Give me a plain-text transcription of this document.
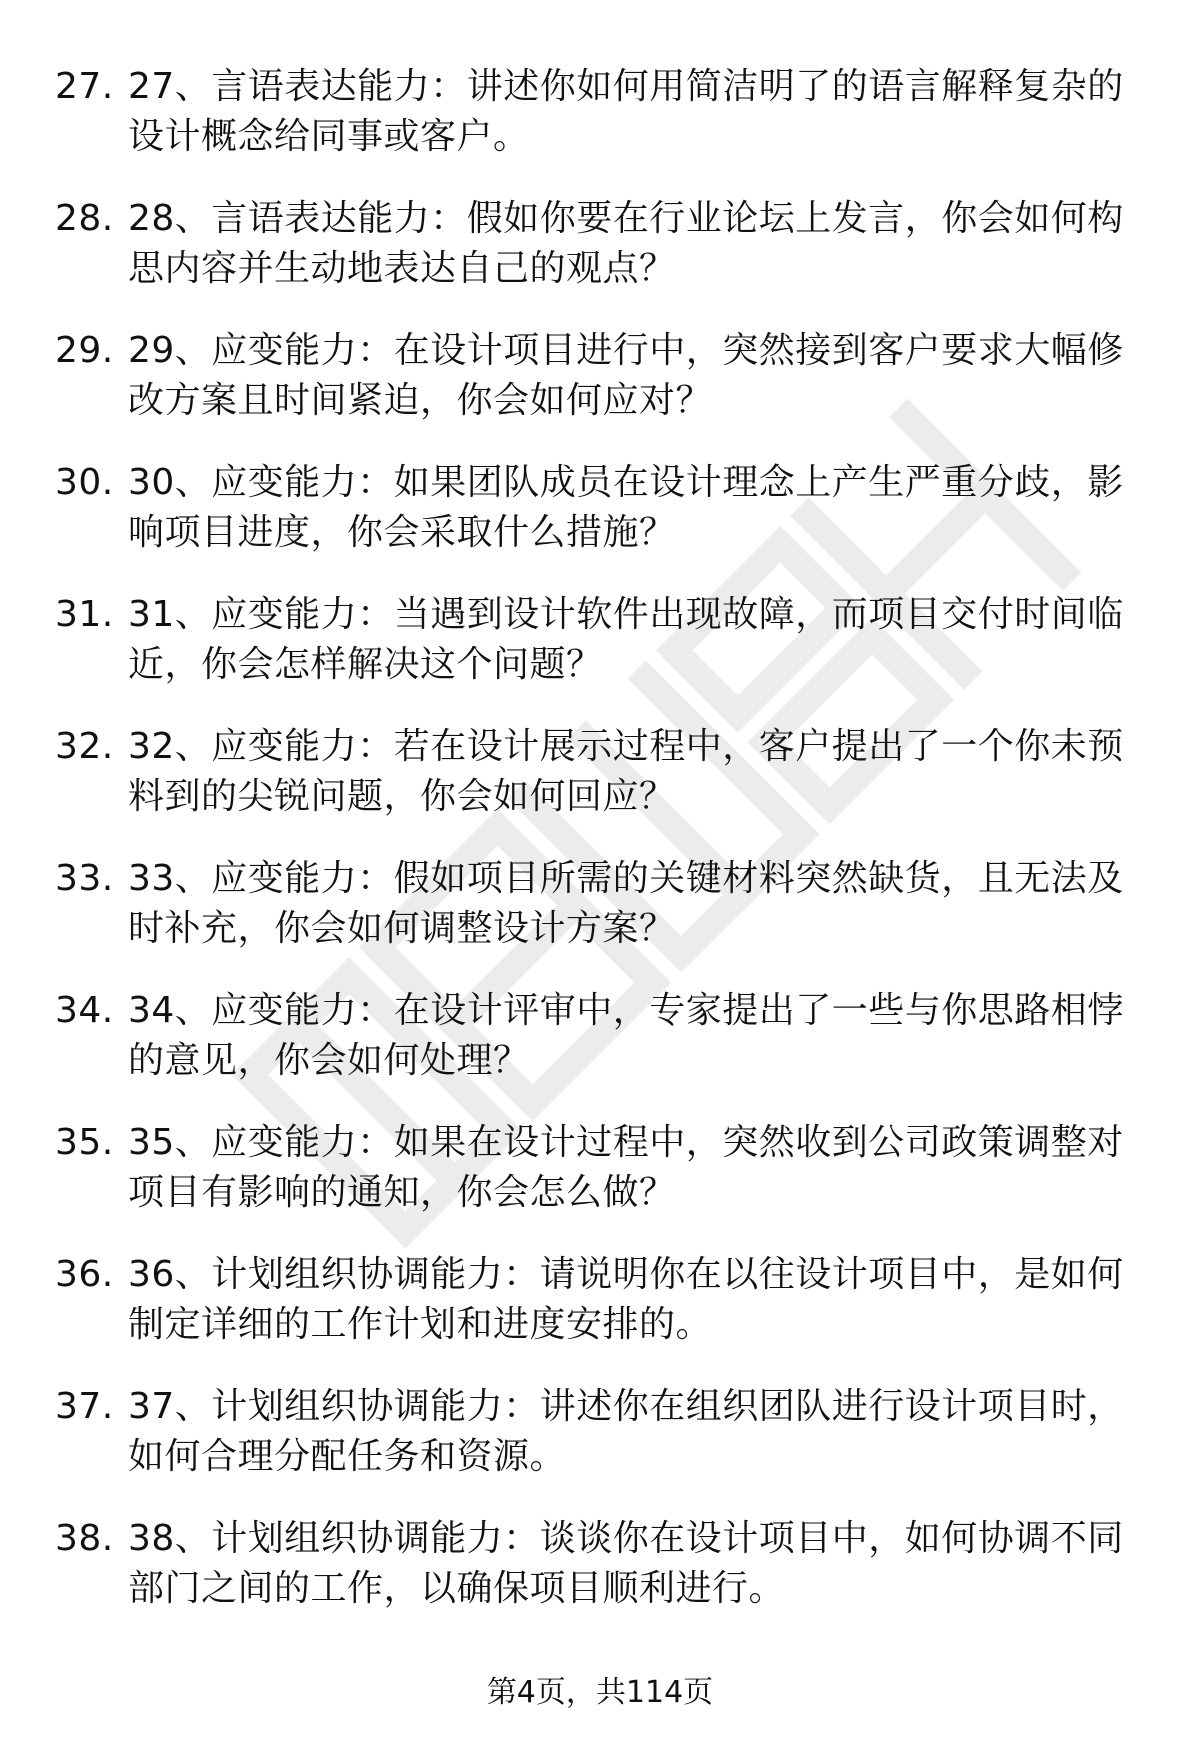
27. 27、言语表达能力：讲述你如何用简洁明了的语言解释复杂的设计概念给同事或客户。
28. 28、言语表达能力：假如你要在行业论坛上发言，你会如何构思内容并生动地表达自己的观点？
29. 29、应变能力：在设计项目进行中，突然接到客户要求大幅修改方案且时间紧迫，你会如何应对？
30. 30、应变能力：如果团队成员在设计理念上产生严重分歧，影响项目进度，你会采取什么措施？
31. 31、应变能力：当遇到设计软件出现故障，而项目交付时间临近，你会怎样解决这个问题？
32. 32、应变能力：若在设计展示过程中，客户提出了一个你未预料到的尖锐问题，你会如何回应？
33. 33、应变能力：假如项目所需的关键材料突然缺货，且无法及时补充，你会如何调整设计方案？
34. 34、应变能力：在设计评审中，专家提出了一些与你思路相悖的意见，你会如何处理？
35. 35、应变能力：如果在设计过程中，突然收到公司政策调整对项目有影响的通知，你会怎么做？
36. 36、计划组织协调能力：请说明你在以往设计项目中，是如何制定详细的工作计划和进度安排的。
37. 37、计划组织协调能力：讲述你在组织团队进行设计项目时，如何合理分配任务和资源。
38. 38、计划组织协调能力：谈谈你在设计项目中，如何协调不同部门之间的工作，以确保项目顺利进行。
第4页，共114页
